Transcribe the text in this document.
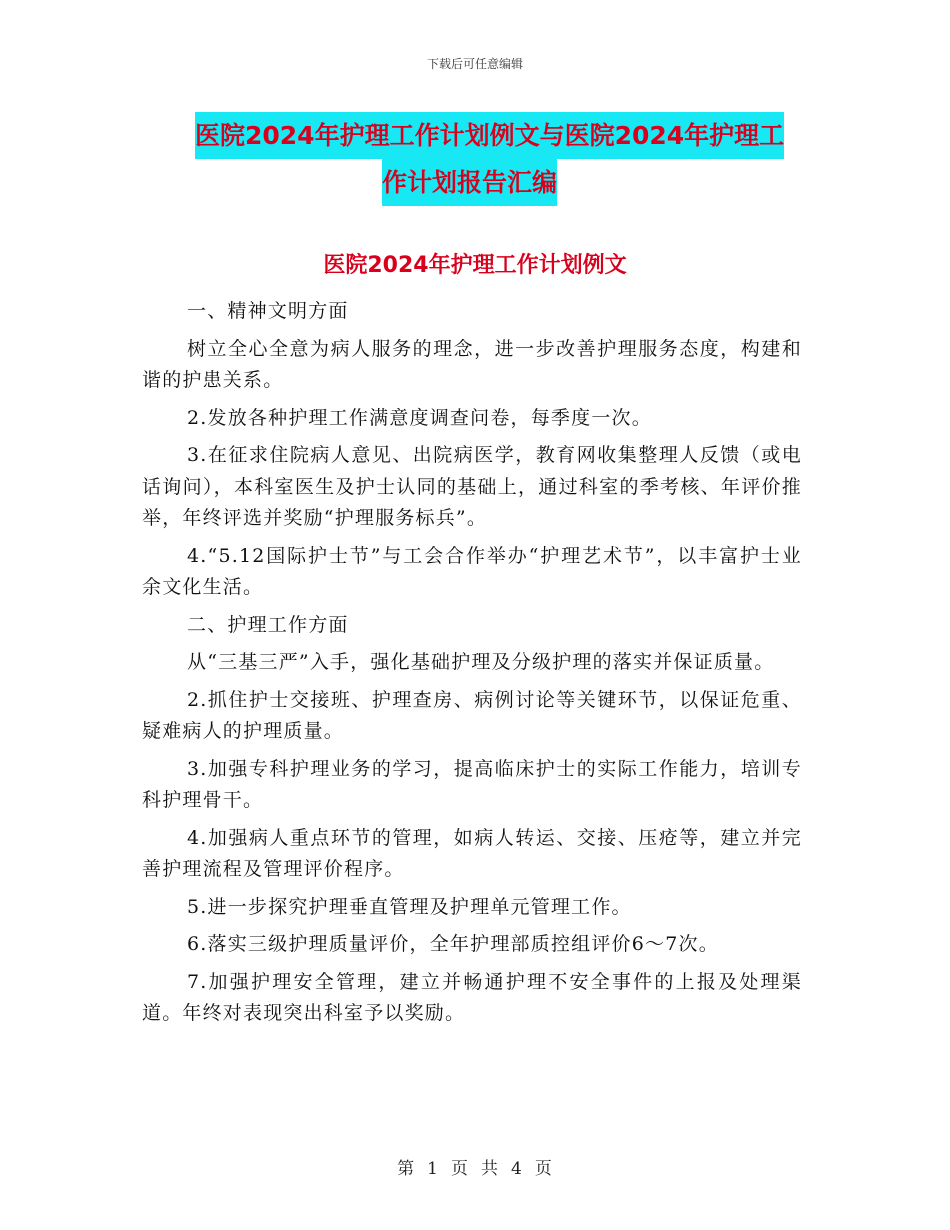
下载后可任意编辑
医院2024年护理工作计划例文与医院2024年护理工
作计划报告汇编
医院2024年护理工作计划例文

一、精神文明方面

树立全心全意为病人服务的理念，进一步改善护理服务态度，构建和谐的护患关系。

2.发放各种护理工作满意度调查问卷，每季度一次。

3.在征求住院病人意见、出院病医学，教育网收集整理人反馈（或电话询问），本科室医生及护士认同的基础上，通过科室的季考核、年评价推举，年终评选并奖励“护理服务标兵”。

4.“5.12国际护士节”与工会合作举办“护理艺术节”，以丰富护士业余文化生活。

二、护理工作方面

从“三基三严”入手，强化基础护理及分级护理的落实并保证质量。

2.抓住护士交接班、护理查房、病例讨论等关键环节，以保证危重、疑难病人的护理质量。

3.加强专科护理业务的学习，提高临床护士的实际工作能力，培训专科护理骨干。

4.加强病人重点环节的管理，如病人转运、交接、压疮等，建立并完善护理流程及管理评价程序。

5.进一步探究护理垂直管理及护理单元管理工作。

6.落实三级护理质量评价，全年护理部质控组评价6～7次。

7.加强护理安全管理，建立并畅通护理不安全事件的上报及处理渠道。年终对表现突出科室予以奖励。

第 1 页 共 4 页
